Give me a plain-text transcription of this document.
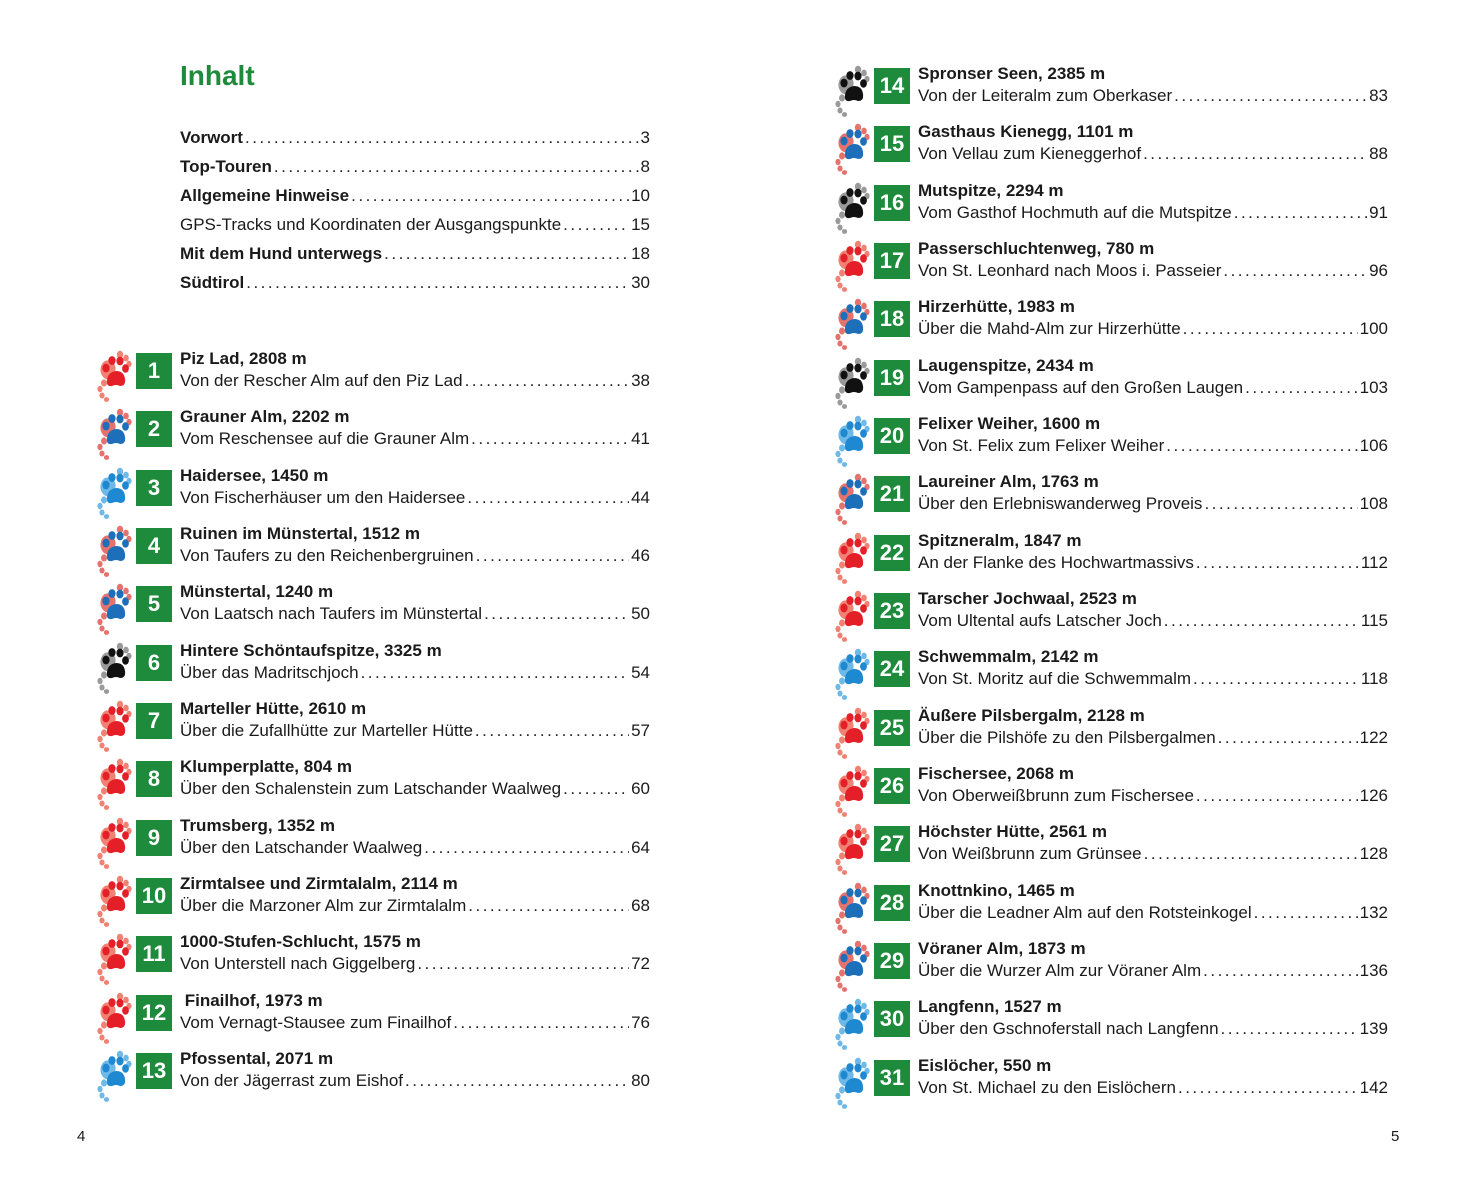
Inhalt
Vorwort .....	3
Top-Touren .....	8
Allgemeine Hinweise .....	10
GPS-Tracks und Koordinaten der Ausgangspunkte .....	15
Mit dem Hund unterwegs .....	18
Südtirol .....	30
1	Piz Lad, 2808 m
Von der Rescher Alm auf den Piz Lad .....	38
2	Grauner Alm, 2202 m
Vom Reschensee auf die Grauner Alm .....	41
3	Haidersee, 1450 m
Von Fischerhäuser um den Haidersee .....	44
4	Ruinen im Münstertal, 1512 m
Von Taufers zu den Reichenbergruinen .....	46
5	Münstertal, 1240 m
Von Laatsch nach Taufers im Münstertal .....	50
6	Hintere Schöntaufspitze, 3325 m
Über das Madritschjoch .....	54
7	Marteller Hütte, 2610 m
Über die Zufallhütte zur Marteller Hütte .....	57
8	Klumperplatte, 804 m
Über den Schalenstein zum Latschander Waalweg .....	60
9	Trumsberg, 1352 m
Über den Latschander Waalweg .....	64
10 Zirmtalsee und Zirmtalalm, 2114 m
Über die Marzoner Alm zur Zirmtalalm .....	68
11 1000-Stufen-Schlucht, 1575 m
Von Unterstell nach Giggelberg .....	72
12 Finailhof, 1973 m
Vom Vernagt-Stausee zum Finailhof .....	76
13 Pfossental, 2071 m
Von der Jägerrast zum Eishof .....	80
14 Spronser Seen, 2385 m
Von der Leiteralm zum Oberkaser .....	83
15 Gasthaus Kienegg, 1101 m
Von Vellau zum Kieneggerhof .....	88
16 Mutspitze, 2294 m
Vom Gasthof Hochmuth auf die Mutspitze .....	91
17 Passerschluchtenweg, 780 m
Von St. Leonhard nach Moos i. Passeier .....	96
18 Hirzerhütte, 1983 m
Über die Mahd-Alm zur Hirzerhütte .....	100
19 Laugenspitze, 2434 m
Vom Gampenpass auf den Großen Laugen .....	103
20 Felixer Weiher, 1600 m
Von St. Felix zum Felixer Weiher .....	106
21 Laureiner Alm, 1763 m
Über den Erlebniswanderweg Proveis .....	108
22 Spitzneralm, 1847 m
An der Flanke des Hochwartmassivs .....	112
23 Tarscher Jochwaal, 2523 m
Vom Ultental aufs Latscher Joch .....	115
24 Schwemmalm, 2142 m
Von St. Moritz auf die Schwemmalm .....	118
25 Äußere Pilsbergalm, 2128 m
Über die Pilshöfe zu den Pilsbergalmen .....	122
26 Fischersee, 2068 m
Von Oberweißbrunn zum Fischersee .....	126
27 Höchster Hütte, 2561 m
Von Weißbrunn zum Grünsee .....	128
28 Knottnkino, 1465 m
Über die Leadner Alm auf den Rotsteinkogel .....	132
29 Vöraner Alm, 1873 m
Über die Wurzer Alm zur Vöraner Alm .....	136
30 Langfenn, 1527 m
Über den Gschnoferstall nach Langfenn .....	139
31 Eislöcher, 550 m
Von St. Michael zu den Eislöchern .....	142
4	5
